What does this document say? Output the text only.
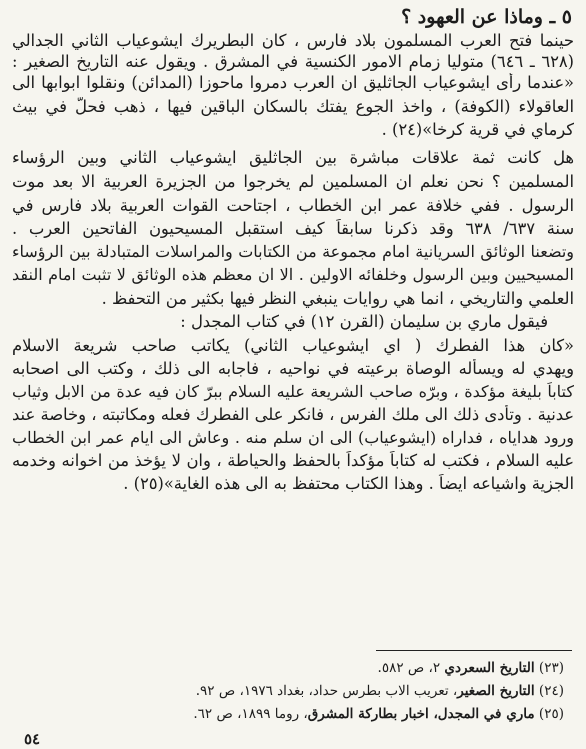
٥ ـ وماذا عن العهود ؟
حينما فتح العرب المسلمون بلاد فارس ، كان البطريرك ايشوعياب الثاني الجدالي
(٦٢٨ ـ ٦٤٦) متوليا زمام الامور الكنسية في المشرق . ويقول عنه التاريخ الصغير :
«عندما رأى ايشوعياب الجاثليق ان العرب دمروا ماحوزا (المدائن) ونقلوا ابوابها الى
العاقولاء (الكوفة) ، واخذ الجوع يفتك بالسكان الباقين فيها ، ذهب فحلّ في بيث
كرماي في قرية كرخا»(٢٤) .
هل كانت ثمة علاقات مباشرة بين الجاثليق ايشوعياب الثاني وبين الرؤساء
المسلمين ؟ نحن نعلم ان المسلمين لم يخرجوا من الجزيرة العربية الا بعد موت
الرسول . ففي خلافة عمر ابن الخطاب ، اجتاحت القوات العربية بلاد فارس في
سنة ٦٣٧/ ٦٣٨ وقد ذكرنا سابقاً كيف استقبل المسيحيون الفاتحين العرب .
وتضعنا الوثائق السريانية امام مجموعة من الكتابات والمراسلات المتبادلة بين الرؤساء
المسيحيين وبين الرسول وخلفائه الاولين . الا ان معظم هذه الوثائق لا تثبت امام النقد
العلمي والتاريخي ، انما هي روايات ينبغي النظر فيها بكثير من التحفظ .
فيقول ماري بن سليمان (القرن ١٢) في كتاب المجدل :
«كان هذا الفطرك ( اي ايشوعياب الثاني) يكاتب صاحب شريعة الاسلام
ويهدي له ويسأله الوصاة برعيته في نواحيه ، فاجابه الى ذلك ، وكتب الى اصحابه
كتاباً بليغة مؤكدة ، وبرّه صاحب الشريعة عليه السلام ببرّ كان فيه عدة من الابل وثياب
عدنية . وتأدى ذلك الى ملك الفرس ، فانكر على الفطرك فعله ومكاتبته ، وخاصة عند
ورود هداياه ، فداراه (ايشوعياب) الى ان سلم منه . وعاش الى ايام عمر ابن الخطاب
عليه السلام ، فكتب له كتاباً مؤكداً بالحفظ والحياطة ، وان لا يؤخذ من اخوانه وخدمه
الجزية واشياعه ايضاً . وهذا الكتاب محتفظ به الى هذه الغاية»(٢٥) .
(٢٣) التاريخ السعردي ٢، ص ٥٨٢.
(٢٤) التاريخ الصغير، تعريب الاب بطرس حداد، بغداد ١٩٧٦، ص ٩٢.
(٢٥) ماري في المجدل، اخبار بطاركة المشرق، روما ١٨٩٩، ص ٦٢.
٥٤
